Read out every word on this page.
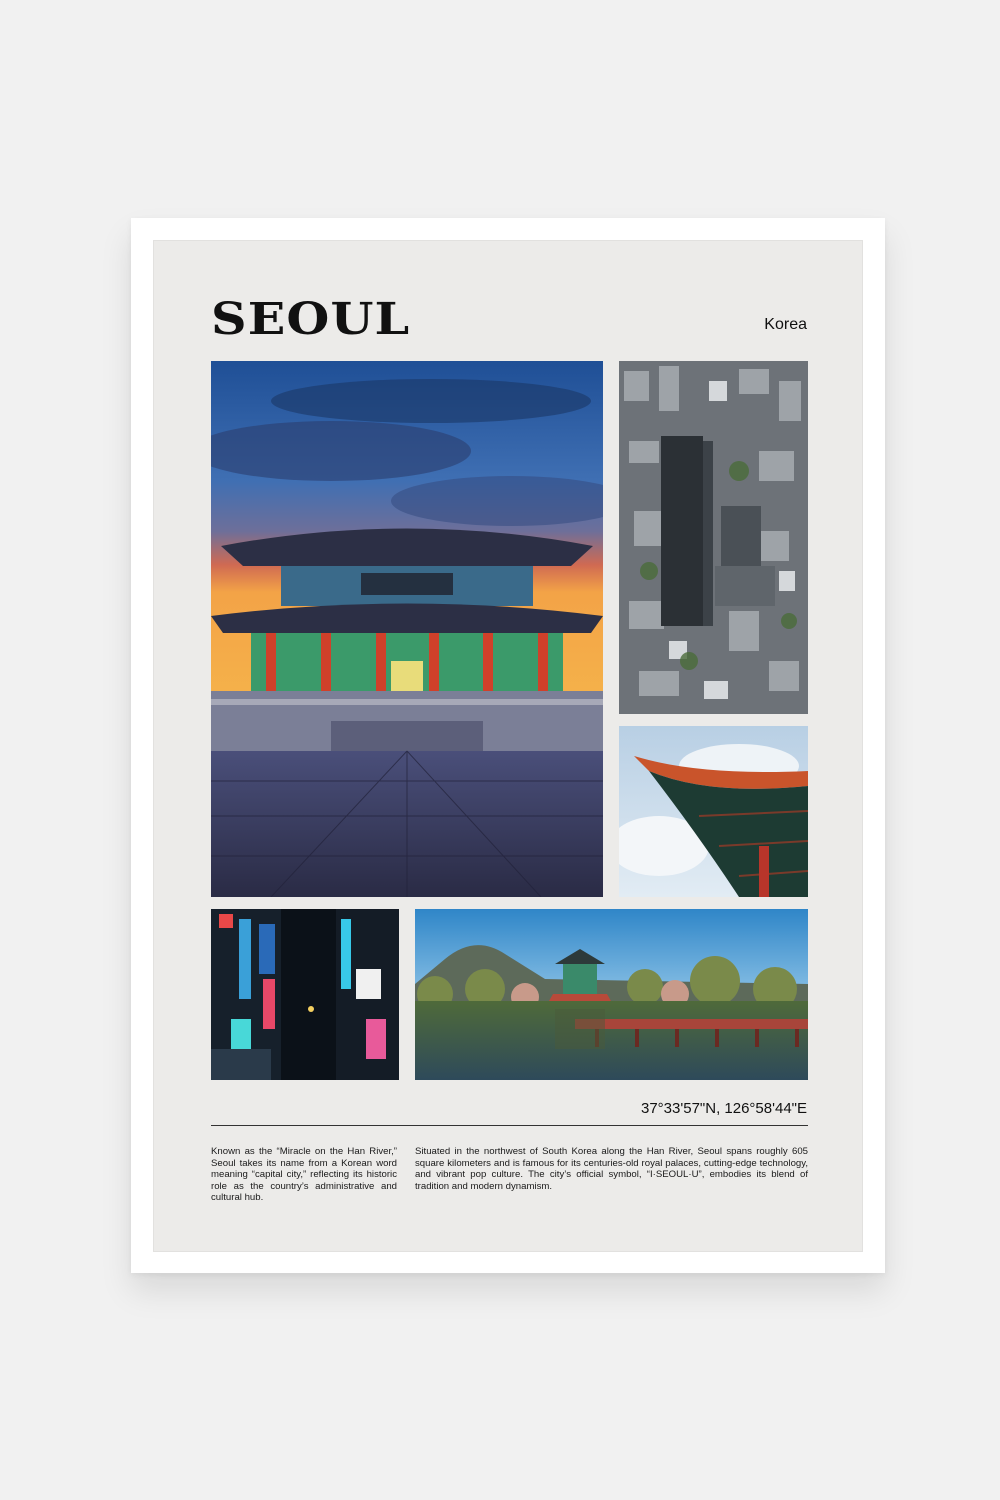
SEOUL	Korea
37°33'57"N, 126°58'44"E

Known as the “Miracle on the Han River,” Seoul takes its name from a Korean word meaning “capital city,” reflecting its historic role as the country’s administrative and cultural hub.

Situated in the northwest of South Korea along the Han River, Seoul spans roughly 605 square kilometers and is famous for its centuries-old royal palaces, cutting-edge technology, and vibrant pop culture. The city’s official symbol, “I·SEOUL·U”, embodies its blend of tradition and modern dynamism.
